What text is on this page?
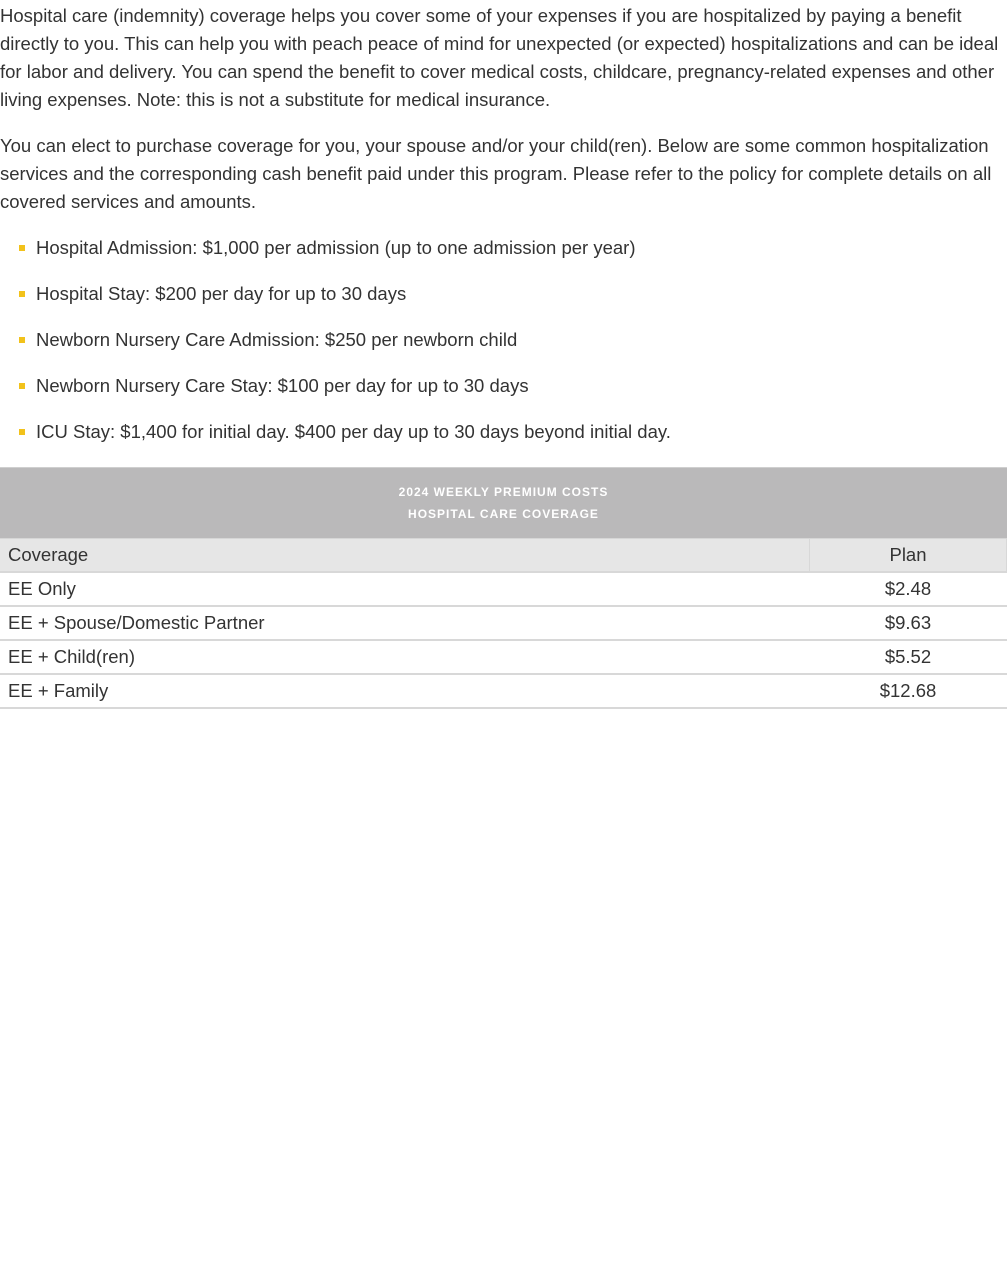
Hospital care (indemnity) coverage helps you cover some of your expenses if you are hospitalized by paying a benefit directly to you. This can help you with peach peace of mind for unexpected (or expected) hospitalizations and can be ideal for labor and delivery. You can spend the benefit to cover medical costs, childcare, pregnancy-related expenses and other living expenses. Note: this is not a substitute for medical insurance.

You can elect to purchase coverage for you, your spouse and/or your child(ren). Below are some common hospitalization services and the corresponding cash benefit paid under this program. Please refer to the policy for complete details on all covered services and amounts.

Hospital Admission: $1,000 per admission (up to one admission per year)
Hospital Stay: $200 per day for up to 30 days
Newborn Nursery Care Admission: $250 per newborn child
Newborn Nursery Care Stay: $100 per day for up to 30 days
ICU Stay: $1,400 for initial day. $400 per day up to 30 days beyond initial day.
2024 WEEKLY PREMIUM COSTS
HOSPITAL CARE COVERAGE
Coverage	Plan
EE Only	$2.48
EE + Spouse/Domestic Partner	$9.63
EE + Child(ren)	$5.52
EE + Family	$12.68
